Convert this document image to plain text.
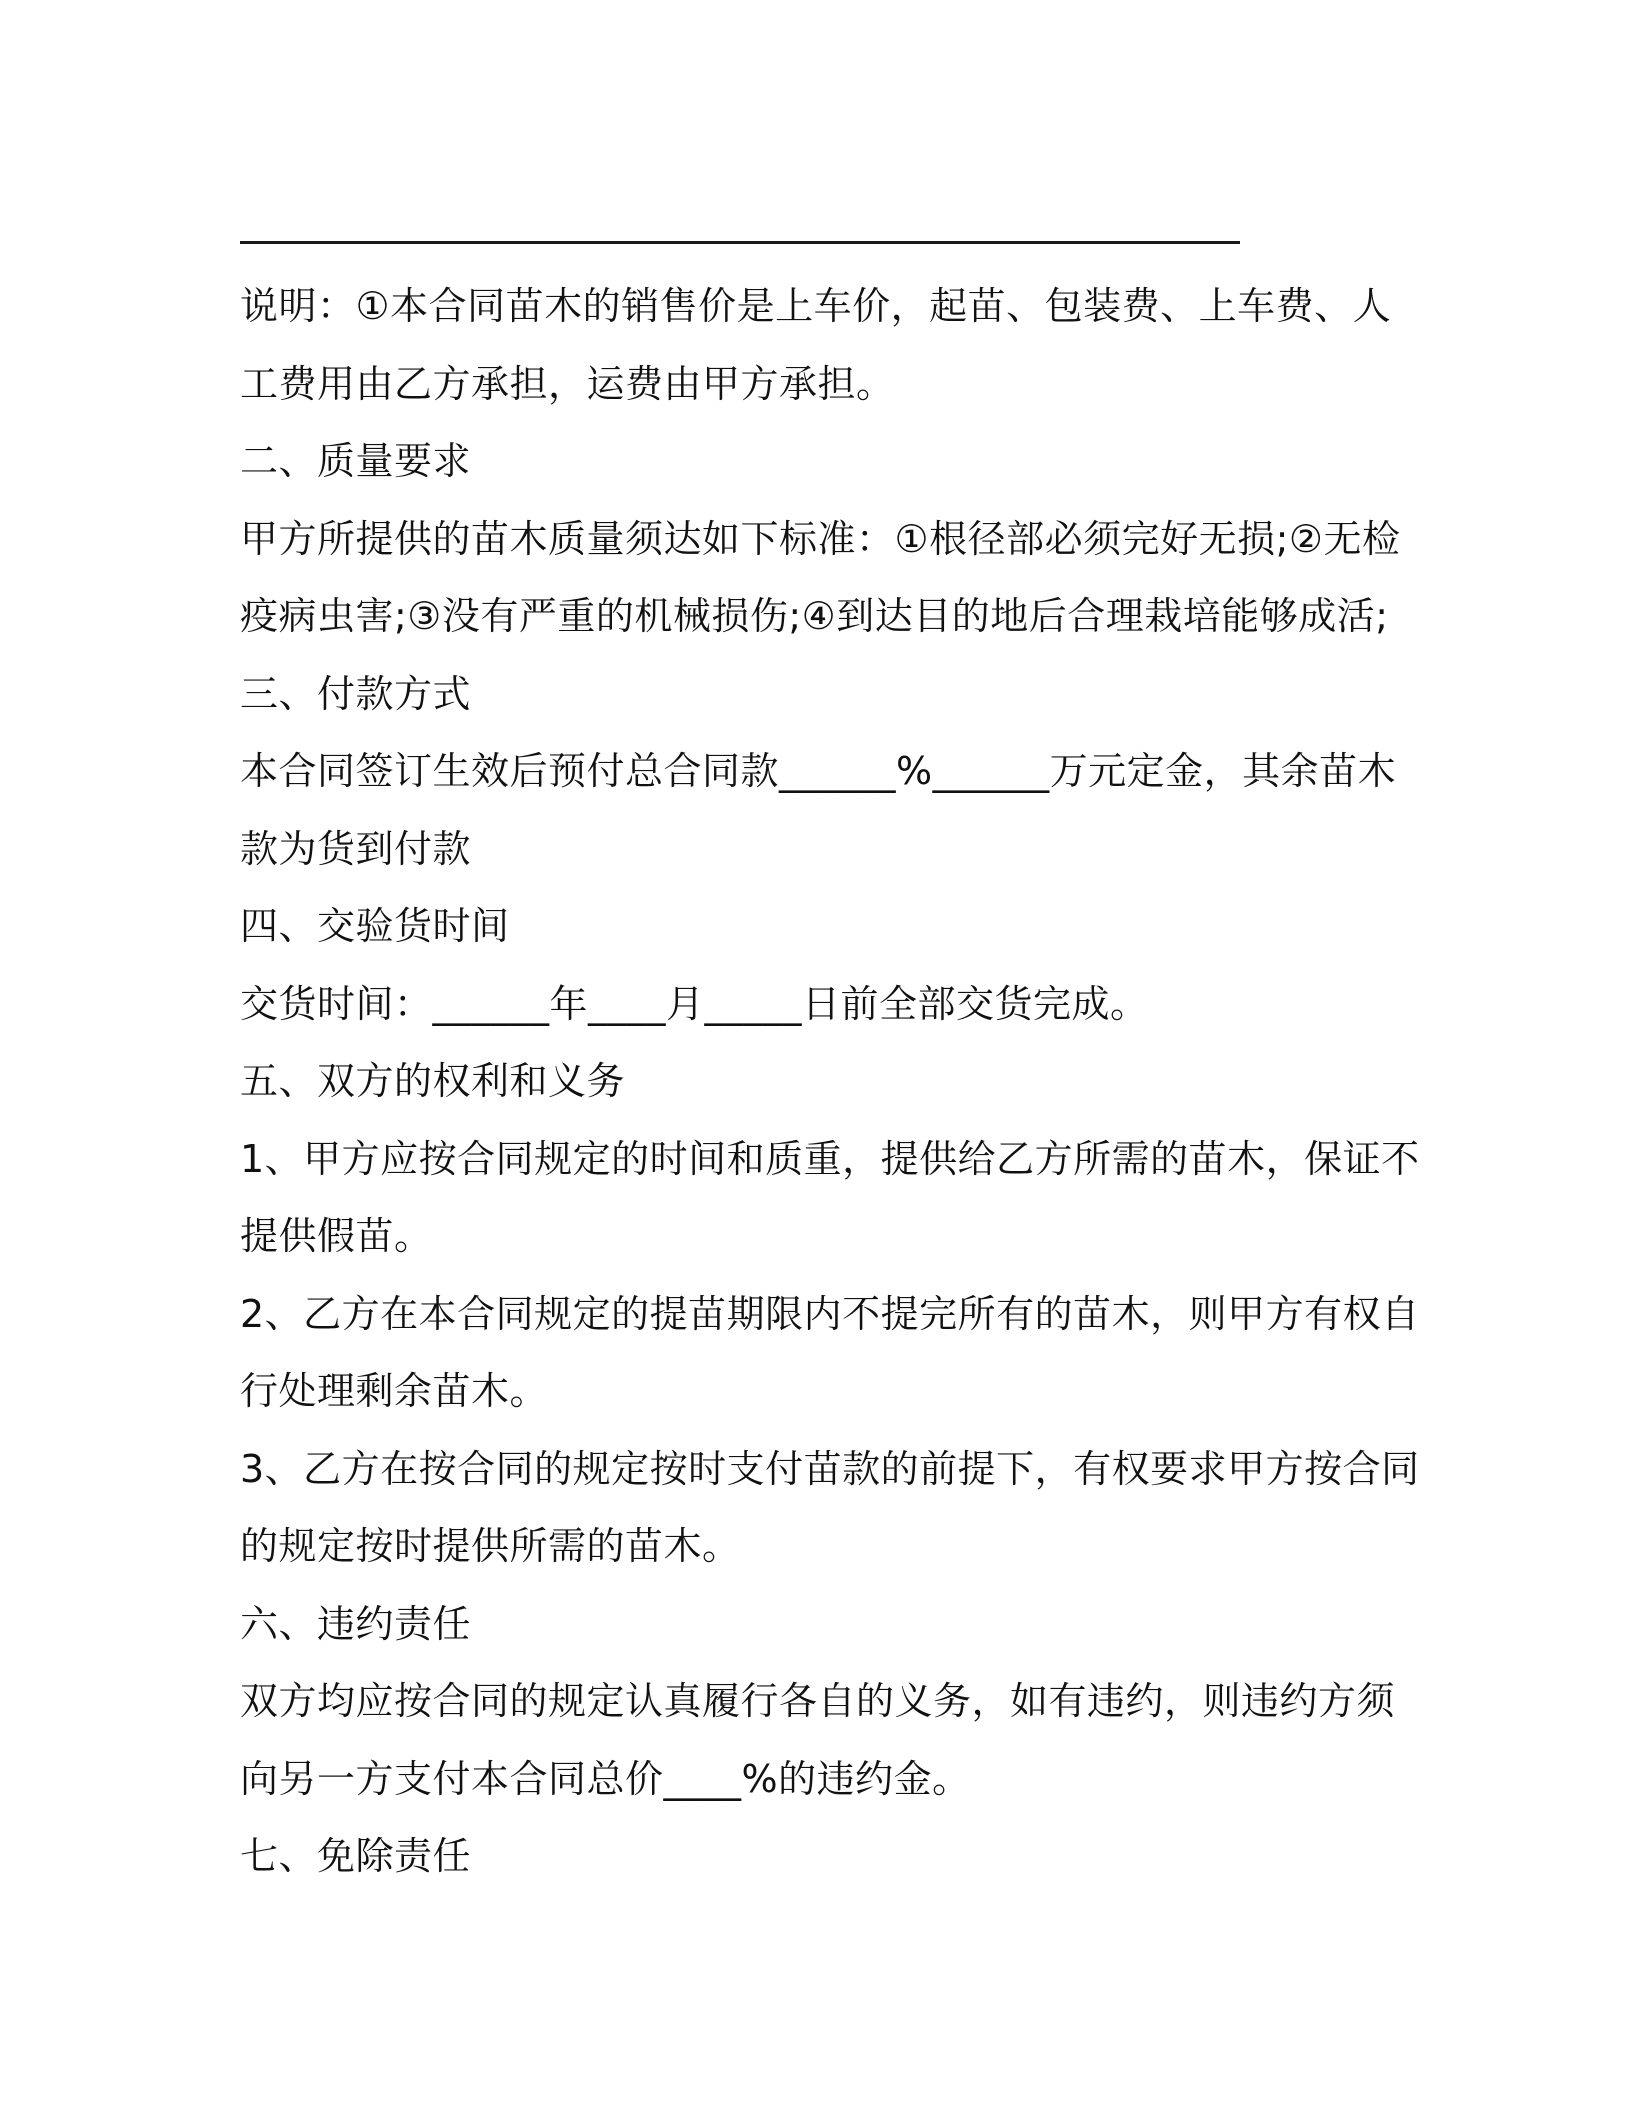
说明：①本合同苗木的销售价是上车价，起苗、包装费、上车费、人
工费用由乙方承担，运费由甲方承担。
二、质量要求
甲方所提供的苗木质量须达如下标准：①根径部必须完好无损;②无检
疫病虫害;③没有严重的机械损伤;④到达目的地后合理栽培能够成活;
三、付款方式
本合同签订生效后预付总合同款______%______万元定金，其余苗木
款为货到付款
四、交验货时间
交货时间：______年____月_____日前全部交货完成。
五、双方的权利和义务
1、甲方应按合同规定的时间和质重，提供给乙方所需的苗木，保证不
提供假苗。
2、乙方在本合同规定的提苗期限内不提完所有的苗木，则甲方有权自
行处理剩余苗木。
3、乙方在按合同的规定按时支付苗款的前提下，有权要求甲方按合同
的规定按时提供所需的苗木。
六、违约责任
双方均应按合同的规定认真履行各自的义务，如有违约，则违约方须
向另一方支付本合同总价____%的违约金。
七、免除责任
